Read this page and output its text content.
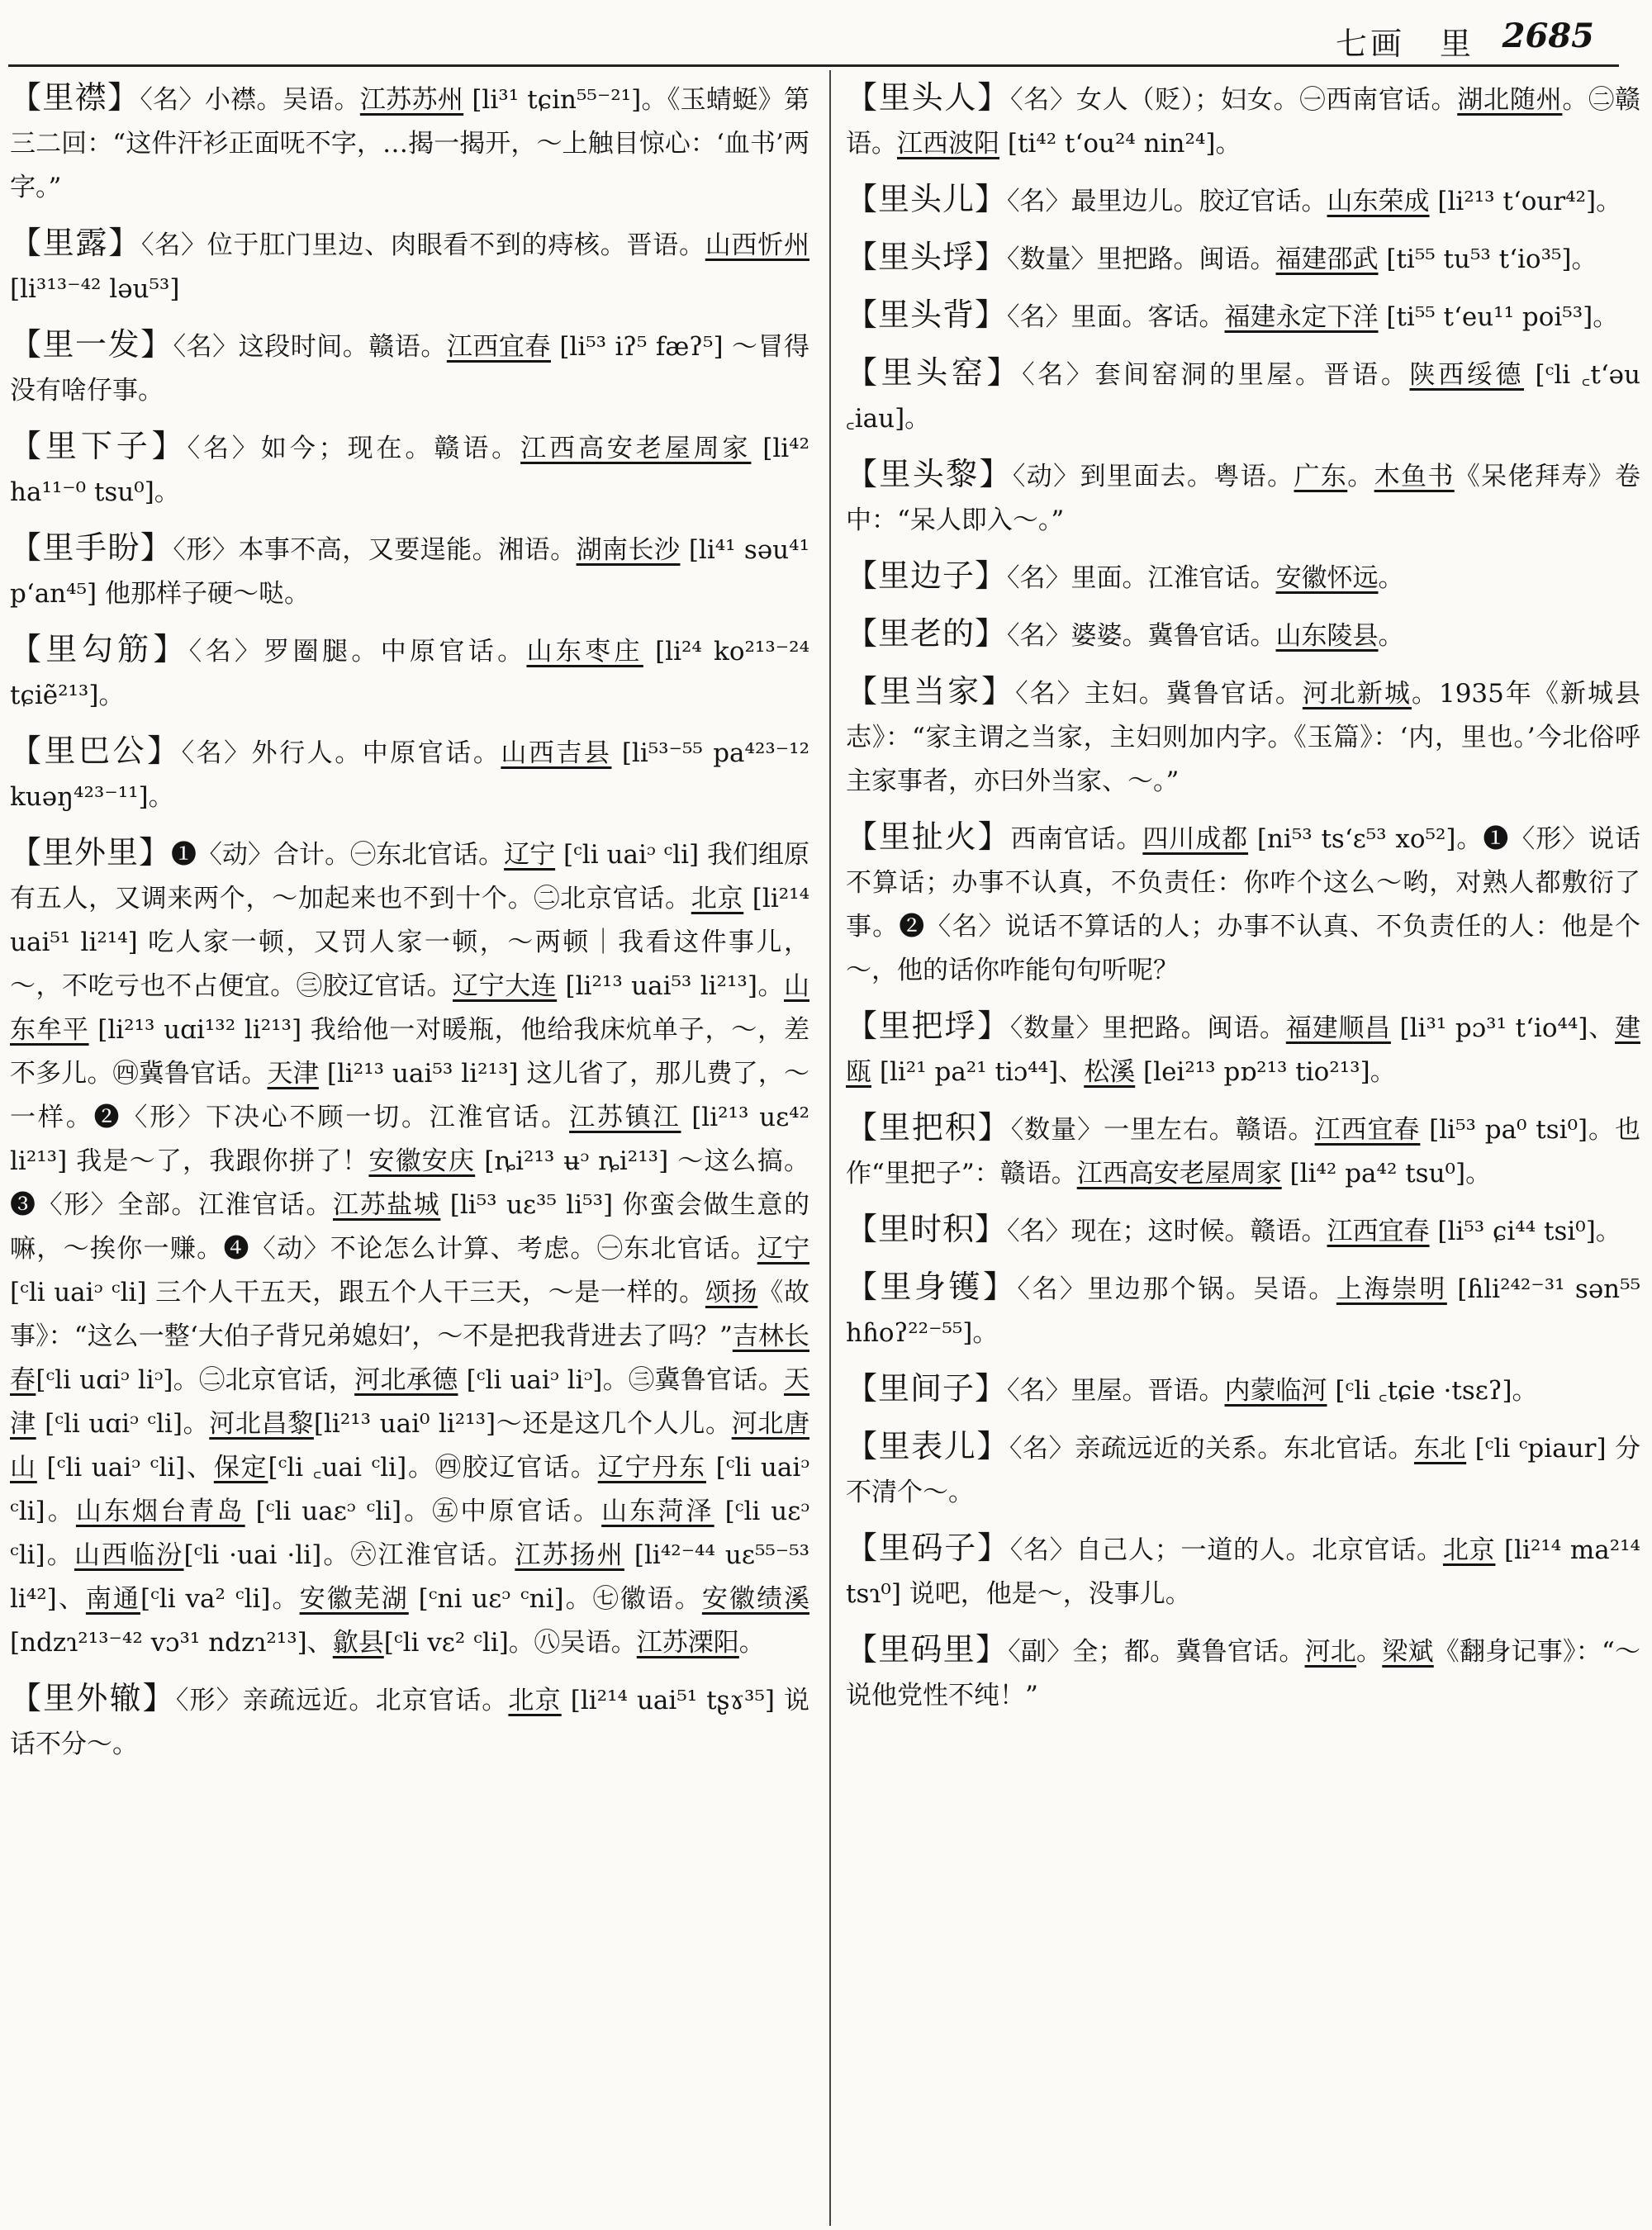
七画　里 2685

【里襟】〈名〉小襟。吴语。江苏苏州 [li³¹ tɕin⁵⁵⁻²¹]。《玉蜻蜓》第三二回：“这件汗衫正面呒不字，…揭一揭开，～上触目惊心：‘血书’两字。”

【里露】〈名〉位于肛门里边、肉眼看不到的痔核。晋语。山西忻州 [li³¹³⁻⁴² ləu⁵³]

【里一发】〈名〉这段时间。赣语。江西宜春 [li⁵³ iʔ⁵ fæʔ⁵] ～冒得没有啥仔事。

【里下子】〈名〉如今；现在。赣语。江西高安老屋周家 [li⁴² ha¹¹⁻⁰ tsu⁰]。

【里手盼】〈形〉本事不高，又要逞能。湘语。湖南长沙 [li⁴¹ səu⁴¹ p‘an⁴⁵] 他那样子硬～哒。

【里勾筋】〈名〉罗圈腿。中原官话。山东枣庄 [li²⁴ ko²¹³⁻²⁴ tɕiẽ²¹³]。

【里巴公】〈名〉外行人。中原官话。山西吉县 [li⁵³⁻⁵⁵ pa⁴²³⁻¹² kuəŋ⁴²³⁻¹¹]。

【里外里】❶〈动〉合计。㊀东北官话。辽宁 [ᶜli uaiᵓ ᶜli] 我们组原有五人，又调来两个，～加起来也不到十个。㊁北京官话。北京 [li²¹⁴ uai⁵¹ li²¹⁴] 吃人家一顿，又罚人家一顿，～两顿｜我看这件事儿，～，不吃亏也不占便宜。㊂胶辽官话。辽宁大连 [li²¹³ uai⁵³ li²¹³]。山东牟平 [li²¹³ uɑi¹³² li²¹³] 我给他一对暖瓶，他给我床炕单子，～，差不多儿。㊃冀鲁官话。天津 [li²¹³ uai⁵³ li²¹³] 这儿省了，那儿费了，～一样。❷〈形〉下决心不顾一切。江淮官话。江苏镇江 [li²¹³ uɛ⁴² li²¹³] 我是～了，我跟你拼了！安徽安庆 [ȵi²¹³ ʉᵓ ȵi²¹³] ～这么搞。❸〈形〉全部。江淮官话。江苏盐城 [li⁵³ uɛ³⁵ li⁵³] 你蛮会做生意的嘛，～挨你一赚。❹〈动〉不论怎么计算、考虑。㊀东北官话。辽宁 [ᶜli uaiᵓ ᶜli] 三个人干五天，跟五个人干三天，～是一样的。颂扬《故事》：“这么一整‘大伯子背兄弟媳妇’，～不是把我背进去了吗？”吉林长春[ᶜli uɑiᵓ liᵓ]。㊁北京官话，河北承德 [ᶜli uaiᵓ liᵓ]。㊂冀鲁官话。天津 [ᶜli uɑiᵓ ᶜli]。河北昌黎[li²¹³ uai⁰ li²¹³]～还是这几个人儿。河北唐山 [ᶜli uaiᵓ ᶜli]、保定[ᶜli ꜀uai ᶜli]。㊃胶辽官话。辽宁丹东 [ᶜli uaiᵓ ᶜli]。山东烟台青岛 [ᶜli uaɛᵓ ᶜli]。㊄中原官话。山东菏泽 [ᶜli uɛᵓ ᶜli]。山西临汾[ᶜli ·uai ·li]。㊅江淮官话。江苏扬州 [li⁴²⁻⁴⁴ uɛ⁵⁵⁻⁵³ li⁴²]、南通[ᶜli va² ᶜli]。安徽芜湖 [ᶜni uɛᵓ ᶜni]。㊆徽语。安徽绩溪[ndzɿ²¹³⁻⁴² vɔ³¹ ndzɿ²¹³]、歙县[ᶜli vɛ² ᶜli]。㊇吴语。江苏溧阳。

【里外辙】〈形〉亲疏远近。北京官话。北京 [li²¹⁴ uai⁵¹ tʂɤ³⁵] 说话不分～。

【里头人】〈名〉女人（贬）；妇女。㊀西南官话。湖北随州。㊁赣语。江西波阳 [ti⁴² t‘ou²⁴ nin²⁴]。

【里头儿】〈名〉最里边儿。胶辽官话。山东荣成 [li²¹³ t‘our⁴²]。

【里头垺】〈数量〉里把路。闽语。福建邵武 [ti⁵⁵ tu⁵³ t‘io³⁵]。

【里头背】〈名〉里面。客话。福建永定下洋 [ti⁵⁵ t‘eu¹¹ poi⁵³]。

【里头窑】〈名〉套间窑洞的里屋。晋语。陕西绥德 [ᶜli ꜀t‘əu ꜀iau]。

【里头黎】〈动〉到里面去。粤语。广东。木鱼书《呆佬拜寿》卷中：“呆人即入～。”

【里边子】〈名〉里面。江淮官话。安徽怀远。

【里老的】〈名〉婆婆。冀鲁官话。山东陵县。

【里当家】〈名〉主妇。冀鲁官话。河北新城。1935年《新城县志》：“家主谓之当家，主妇则加内字。《玉篇》：‘内，里也。’今北俗呼主家事者，亦曰外当家、～。”

【里扯火】西南官话。四川成都 [ni⁵³ ts‘ɛ⁵³ xo⁵²]。❶〈形〉说话不算话；办事不认真，不负责任：你咋个这么～哟，对熟人都敷衍了事。❷〈名〉说话不算话的人；办事不认真、不负责任的人：他是个～，他的话你咋能句句听呢？

【里把垺】〈数量〉里把路。闽语。福建顺昌 [li³¹ pɔ³¹ t‘io⁴⁴]、建瓯 [li²¹ pa²¹ tiɔ⁴⁴]、松溪 [lei²¹³ pɒ²¹³ tio²¹³]。

【里把积】〈数量〉一里左右。赣语。江西宜春 [li⁵³ pa⁰ tsi⁰]。也作“里把子”：赣语。江西高安老屋周家 [li⁴² pa⁴² tsu⁰]。

【里时积】〈名〉现在；这时候。赣语。江西宜春 [li⁵³ ɕi⁴⁴ tsi⁰]。

【里身镬】〈名〉里边那个锅。吴语。上海崇明 [ɦli²⁴²⁻³¹ sən⁵⁵ hɦoʔ²²⁻⁵⁵]。

【里间子】〈名〉里屋。晋语。内蒙临河 [ᶜli ꜀tɕie ·tsɛʔ]。

【里表儿】〈名〉亲疏远近的关系。东北官话。东北 [ᶜli ᶜpiaur] 分不清个～。

【里码子】〈名〉自己人；一道的人。北京官话。北京 [li²¹⁴ ma²¹⁴ tsɿ⁰] 说吧，他是～，没事儿。

【里码里】〈副〉全；都。冀鲁官话。河北。梁斌《翻身记事》：“～说他党性不纯！”
